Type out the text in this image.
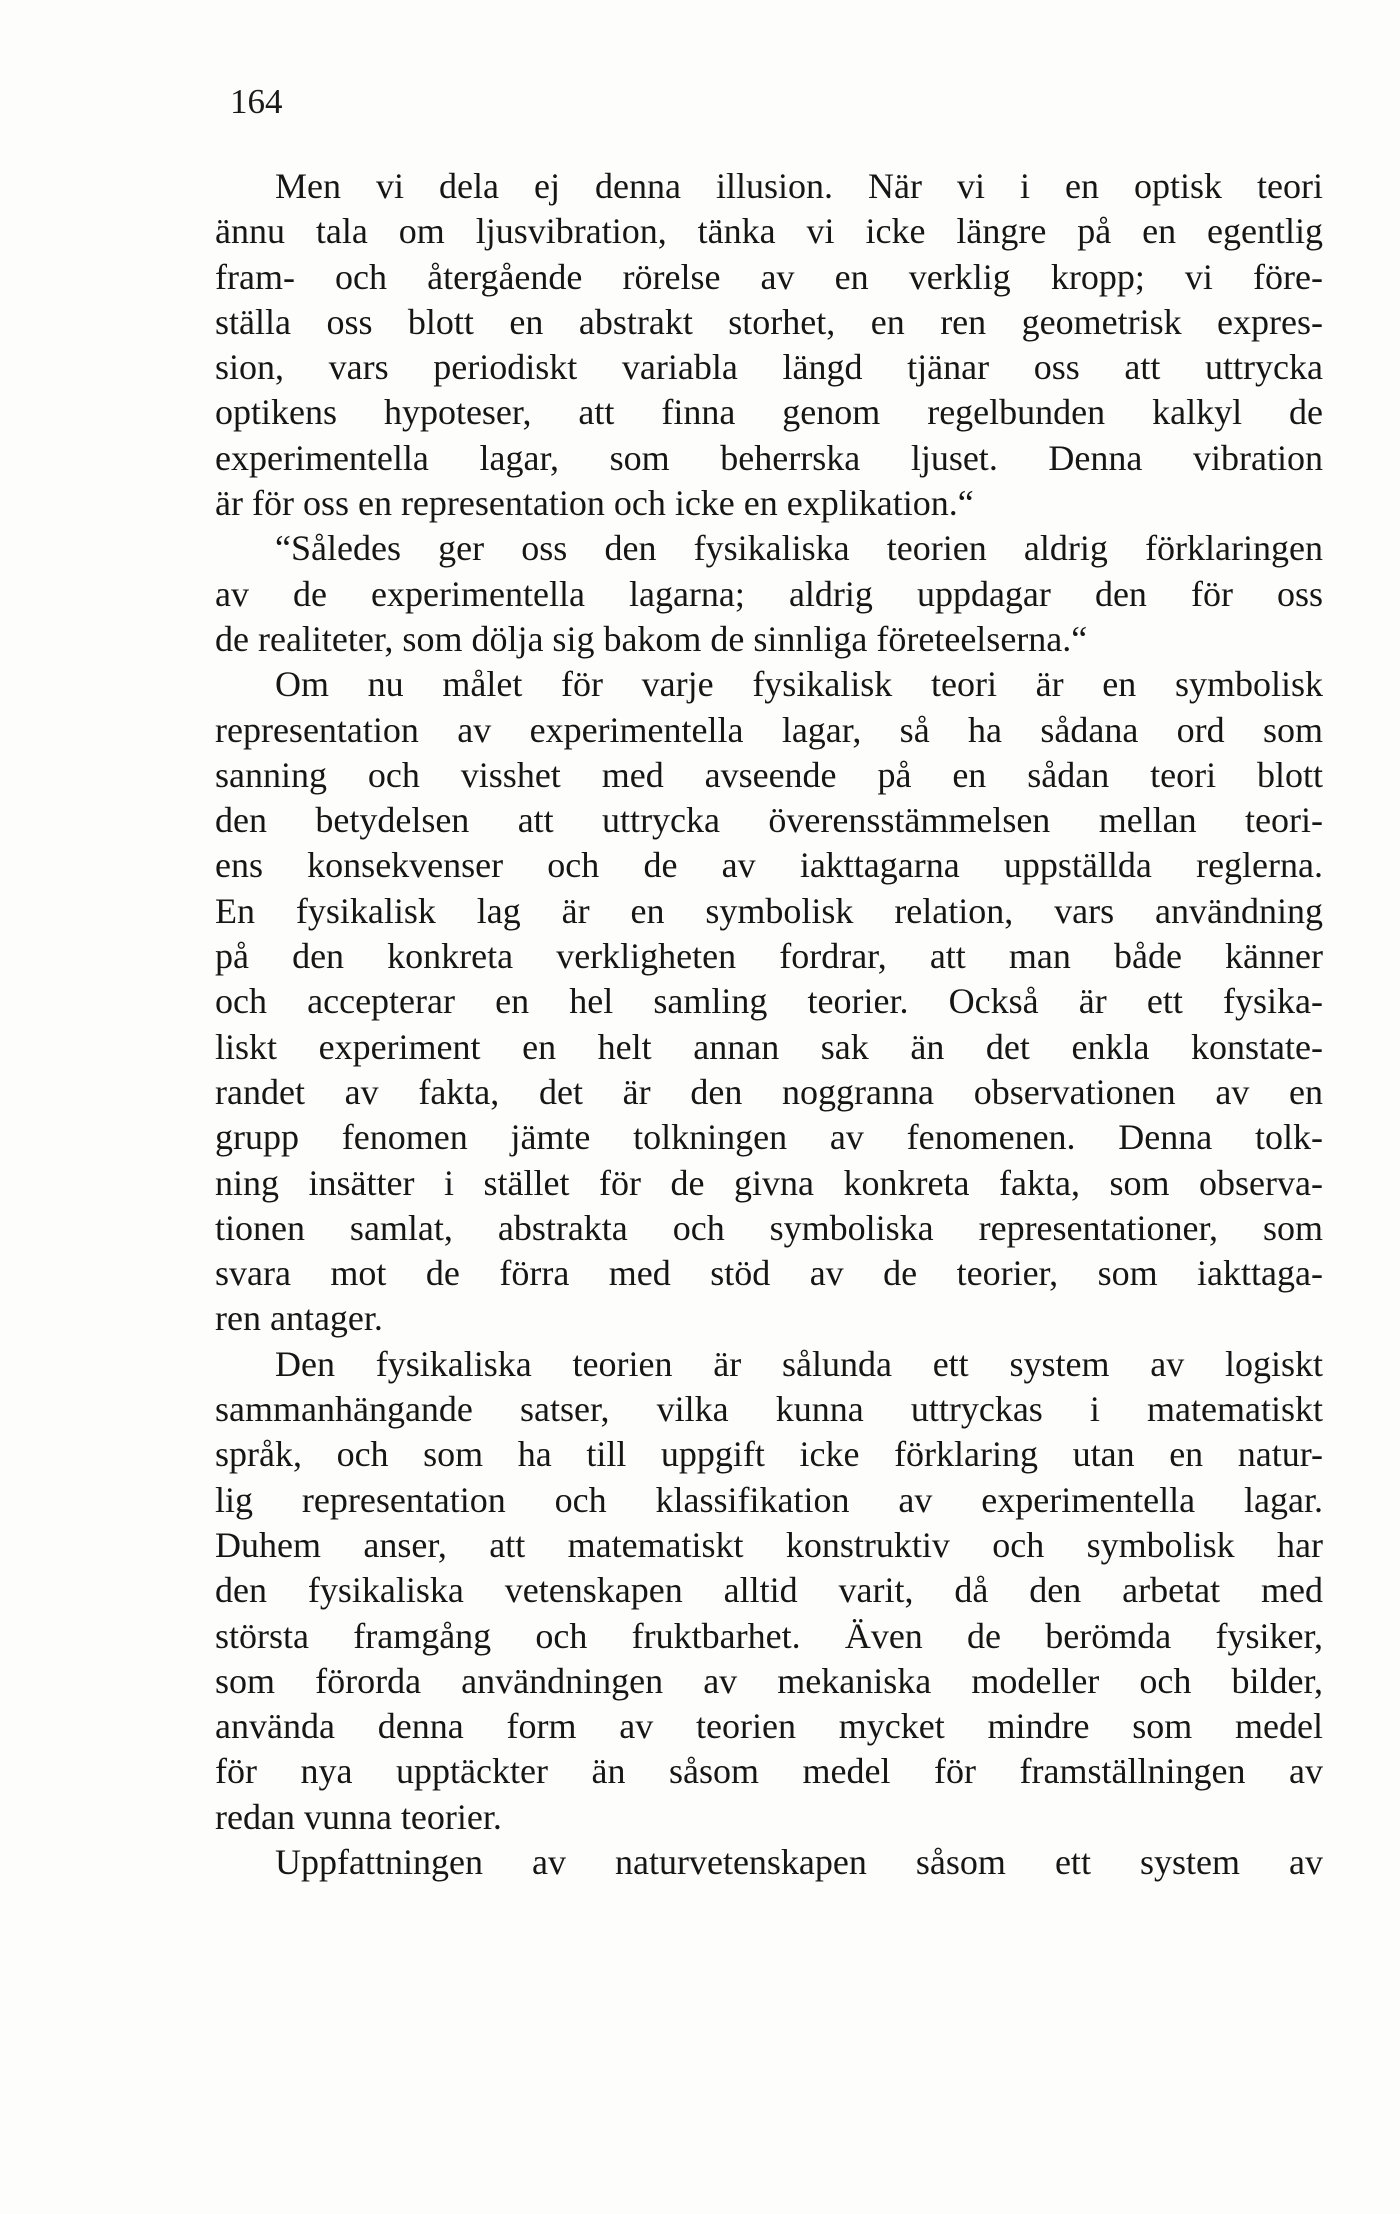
164
Men vi dela ej denna illusion. När vi i en optisk teori
ännu tala om ljusvibration, tänka vi icke längre på en egentlig
fram- och återgående rörelse av en verklig kropp; vi före-
ställa oss blott en abstrakt storhet, en ren geometrisk expres-
sion, vars periodiskt variabla längd tjänar oss att uttrycka
optikens hypoteser, att finna genom regelbunden kalkyl de
experimentella lagar, som beherrska ljuset. Denna vibration
är för oss en representation och icke en explikation.“
“Således ger oss den fysikaliska teorien aldrig förklaringen
av de experimentella lagarna; aldrig uppdagar den för oss
de realiteter, som dölja sig bakom de sinnliga företeelserna.“
Om nu målet för varje fysikalisk teori är en symbolisk
representation av experimentella lagar, så ha sådana ord som
sanning och visshet med avseende på en sådan teori blott
den betydelsen att uttrycka överensstämmelsen mellan teori-
ens konsekvenser och de av iakttagarna uppställda reglerna.
En fysikalisk lag är en symbolisk relation, vars användning
på den konkreta verkligheten fordrar, att man både känner
och accepterar en hel samling teorier. Också är ett fysika-
liskt experiment en helt annan sak än det enkla konstate-
randet av fakta, det är den noggranna observationen av en
grupp fenomen jämte tolkningen av fenomenen. Denna tolk-
ning insätter i stället för de givna konkreta fakta, som observa-
tionen samlat, abstrakta och symboliska representationer, som
svara mot de förra med stöd av de teorier, som iakttaga-
ren antager.
Den fysikaliska teorien är sålunda ett system av logiskt
sammanhängande satser, vilka kunna uttryckas i matematiskt
språk, och som ha till uppgift icke förklaring utan en natur-
lig representation och klassifikation av experimentella lagar.
Duhem anser, att matematiskt konstruktiv och symbolisk har
den fysikaliska vetenskapen alltid varit, då den arbetat med
största framgång och fruktbarhet. Även de berömda fysiker,
som förorda användningen av mekaniska modeller och bilder,
använda denna form av teorien mycket mindre som medel
för nya upptäckter än såsom medel för framställningen av
redan vunna teorier.
Uppfattningen av naturvetenskapen såsom ett system av
